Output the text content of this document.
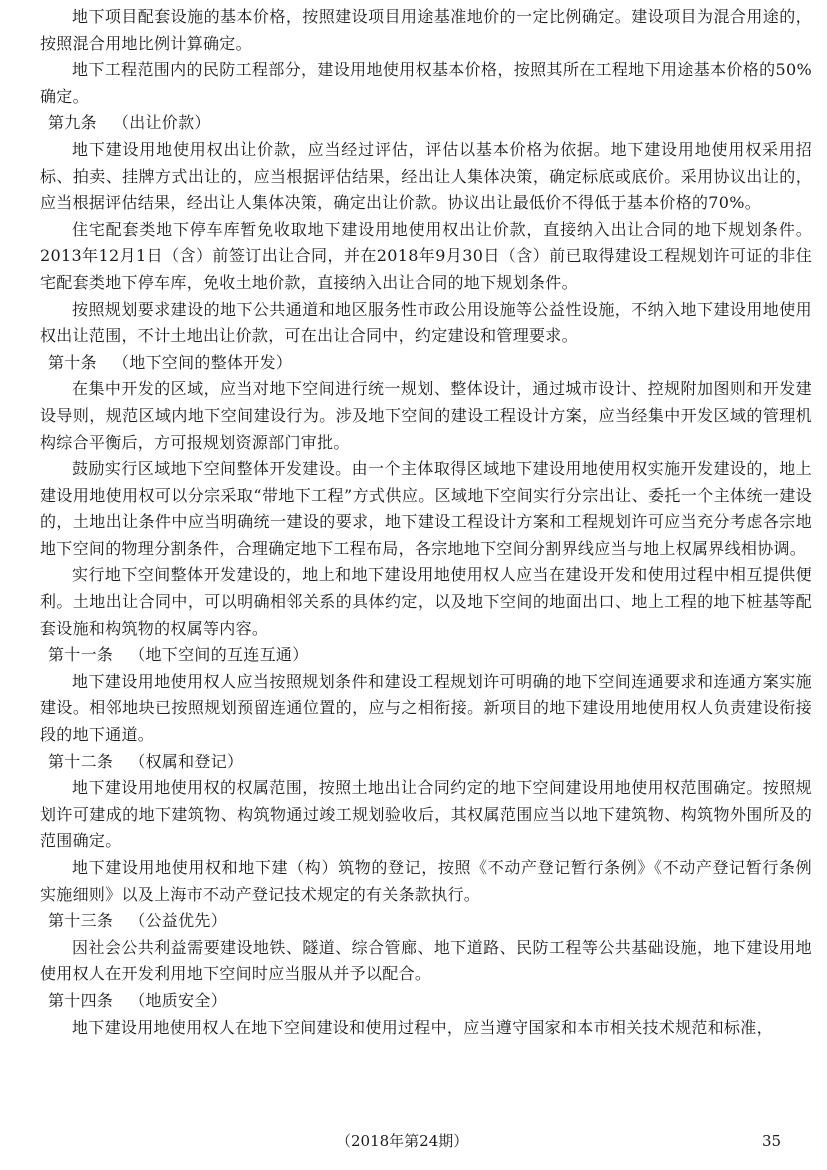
地下项目配套设施的基本价格，按照建设项目用途基准地价的一定比例确定。建设项目为混合用途的，按照混合用地比例计算确定。

地下工程范围内的民防工程部分，建设用地使用权基本价格，按照其所在工程地下用途基本价格的50%确定。

第九条 （出让价款）

地下建设用地使用权出让价款，应当经过评估，评估以基本价格为依据。地下建设用地使用权采用招标、拍卖、挂牌方式出让的，应当根据评估结果，经出让人集体决策，确定标底或底价。采用协议出让的，应当根据评估结果，经出让人集体决策，确定出让价款。协议出让最低价不得低于基本价格的70%。

住宅配套类地下停车库暂免收取地下建设用地使用权出让价款，直接纳入出让合同的地下规划条件。2013年12月1日（含）前签订出让合同，并在2018年9月30日（含）前已取得建设工程规划许可证的非住宅配套类地下停车库，免收土地价款，直接纳入出让合同的地下规划条件。

按照规划要求建设的地下公共通道和地区服务性市政公用设施等公益性设施，不纳入地下建设用地使用权出让范围，不计土地出让价款，可在出让合同中，约定建设和管理要求。

第十条 （地下空间的整体开发）

在集中开发的区域，应当对地下空间进行统一规划、整体设计，通过城市设计、控规附加图则和开发建设导则，规范区域内地下空间建设行为。涉及地下空间的建设工程设计方案，应当经集中开发区域的管理机构综合平衡后，方可报规划资源部门审批。

鼓励实行区域地下空间整体开发建设。由一个主体取得区域地下建设用地使用权实施开发建设的，地上建设用地使用权可以分宗采取“带地下工程”方式供应。区域地下空间实行分宗出让、委托一个主体统一建设的，土地出让条件中应当明确统一建设的要求，地下建设工程设计方案和工程规划许可应当充分考虑各宗地地下空间的物理分割条件，合理确定地下工程布局，各宗地地下空间分割界线应当与地上权属界线相协调。

实行地下空间整体开发建设的，地上和地下建设用地使用权人应当在建设开发和使用过程中相互提供便利。土地出让合同中，可以明确相邻关系的具体约定，以及地下空间的地面出口、地上工程的地下桩基等配套设施和构筑物的权属等内容。

第十一条 （地下空间的互连互通）

地下建设用地使用权人应当按照规划条件和建设工程规划许可明确的地下空间连通要求和连通方案实施建设。相邻地块已按照规划预留连通位置的，应与之相衔接。新项目的地下建设用地使用权人负责建设衔接段的地下通道。

第十二条 （权属和登记）

地下建设用地使用权的权属范围，按照土地出让合同约定的地下空间建设用地使用权范围确定。按照规划许可建成的地下建筑物、构筑物通过竣工规划验收后，其权属范围应当以地下建筑物、构筑物外围所及的范围确定。

地下建设用地使用权和地下建（构）筑物的登记，按照《不动产登记暂行条例》《不动产登记暂行条例实施细则》以及上海市不动产登记技术规定的有关条款执行。

第十三条 （公益优先）

因社会公共利益需要建设地铁、隧道、综合管廊、地下道路、民防工程等公共基础设施，地下建设用地使用权人在开发利用地下空间时应当服从并予以配合。

第十四条 （地质安全）

地下建设用地使用权人在地下空间建设和使用过程中，应当遵守国家和本市相关技术规范和标准，

（2018年第24期）	35
